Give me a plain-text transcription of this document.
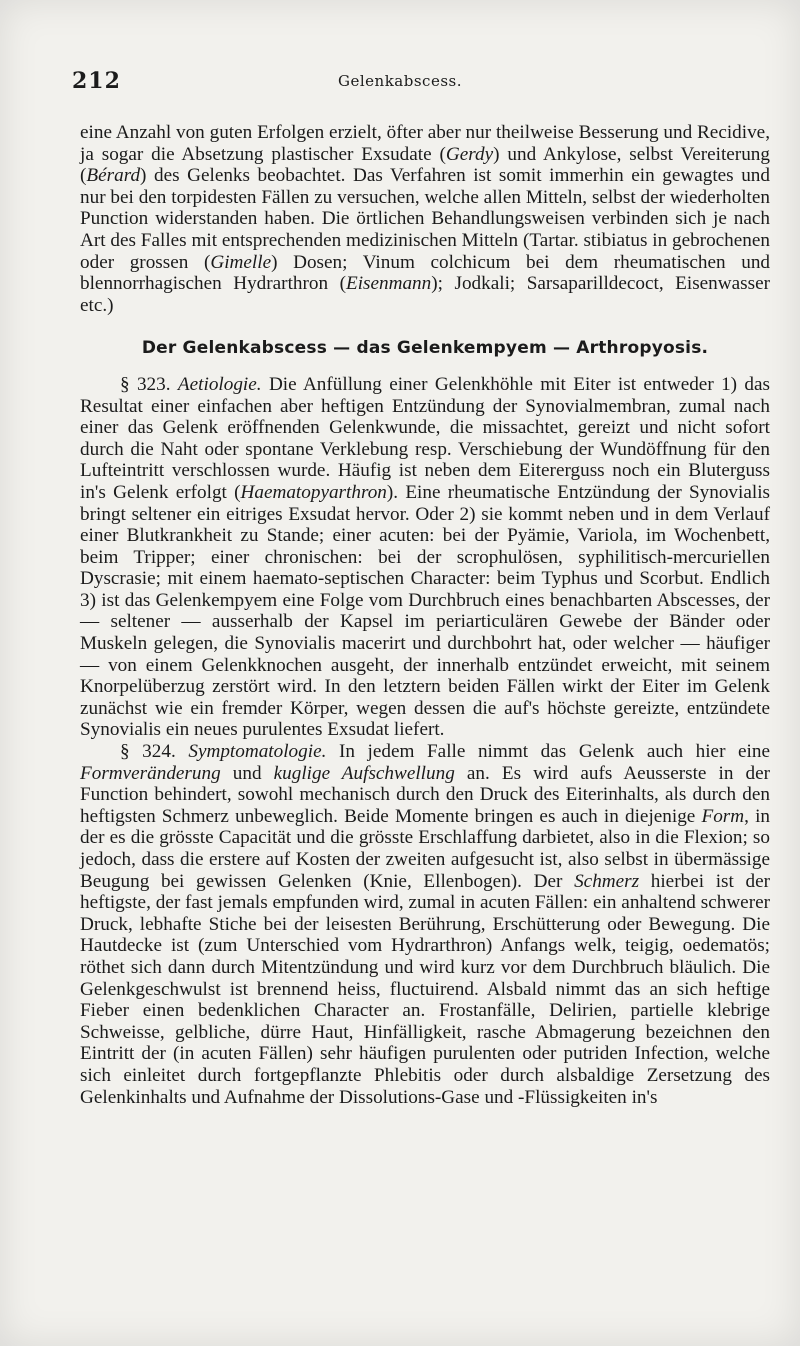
212	Gelenkabscess.

eine Anzahl von guten Erfolgen erzielt, öfter aber nur theilweise Besserung und Recidive, ja sogar die Absetzung plastischer Exsudate (Gerdy) und Ankylose, selbst Vereiterung (Bérard) des Gelenks beobachtet. Das Verfahren ist somit immerhin ein gewagtes und nur bei den torpidesten Fällen zu versuchen, welche allen Mitteln, selbst der wiederholten Punction widerstanden haben. Die örtlichen Behandlungsweisen verbinden sich je nach Art des Falles mit entsprechenden medizinischen Mitteln (Tartar. stibiatus in gebrochenen oder grossen (Gimelle) Dosen; Vinum colchicum bei dem rheumatischen und blennorrhagischen Hydrarthron (Eisenmann); Jodkali; Sarsaparilldecoct, Eisenwasser etc.)

Der Gelenkabscess — das Gelenkempyem — Arthropyosis.

§ 323. Aetiologie. Die Anfüllung einer Gelenkhöhle mit Eiter ist entweder 1) das Resultat einer einfachen aber heftigen Entzündung der Synovialmembran, zumal nach einer das Gelenk eröffnenden Gelenkwunde, die missachtet, gereizt und nicht sofort durch die Naht oder spontane Verklebung resp. Verschiebung der Wundöffnung für den Lufteintritt verschlossen wurde. Häufig ist neben dem Eitererguss noch ein Bluterguss in's Gelenk erfolgt (Haematopyarthron). Eine rheumatische Entzündung der Synovialis bringt seltener ein eitriges Exsudat hervor. Oder 2) sie kommt neben und in dem Verlauf einer Blutkrankheit zu Stande; einer acuten: bei der Pyämie, Variola, im Wochenbett, beim Tripper; einer chronischen: bei der scrophulösen, syphilitisch-mercuriellen Dyscrasie; mit einem haemato-septischen Character: beim Typhus und Scorbut. Endlich 3) ist das Gelenkempyem eine Folge vom Durchbruch eines benachbarten Abscesses, der — seltener — ausserhalb der Kapsel im periarticulären Gewebe der Bänder oder Muskeln gelegen, die Synovialis macerirt und durchbohrt hat, oder welcher — häufiger — von einem Gelenkknochen ausgeht, der innerhalb entzündet erweicht, mit seinem Knorpelüberzug zerstört wird. In den letztern beiden Fällen wirkt der Eiter im Gelenk zunächst wie ein fremder Körper, wegen dessen die auf's höchste gereizte, entzündete Synovialis ein neues purulentes Exsudat liefert.

§ 324. Symptomatologie. In jedem Falle nimmt das Gelenk auch hier eine Formveränderung und kuglige Aufschwellung an. Es wird aufs Aeusserste in der Function behindert, sowohl mechanisch durch den Druck des Eiterinhalts, als durch den heftigsten Schmerz unbeweglich. Beide Momente bringen es auch in diejenige Form, in der es die grösste Capacität und die grösste Erschlaffung darbietet, also in die Flexion; so jedoch, dass die erstere auf Kosten der zweiten aufgesucht ist, also selbst in übermässige Beugung bei gewissen Gelenken (Knie, Ellenbogen). Der Schmerz hierbei ist der heftigste, der fast jemals empfunden wird, zumal in acuten Fällen: ein anhaltend schwerer Druck, lebhafte Stiche bei der leisesten Berührung, Erschütterung oder Bewegung. Die Hautdecke ist (zum Unterschied vom Hydrarthron) Anfangs welk, teigig, oedematös; röthet sich dann durch Mitentzündung und wird kurz vor dem Durchbruch bläulich. Die Gelenkgeschwulst ist brennend heiss, fluctuirend. Alsbald nimmt das an sich heftige Fieber einen bedenklichen Character an. Frostanfälle, Delirien, partielle klebrige Schweisse, gelbliche, dürre Haut, Hinfälligkeit, rasche Abmagerung bezeichnen den Eintritt der (in acuten Fällen) sehr häufigen purulenten oder putriden Infection, welche sich einleitet durch fortgepflanzte Phlebitis oder durch alsbaldige Zersetzung des Gelenkinhalts und Aufnahme der Dissolutions-Gase und -Flüssigkeiten in's
